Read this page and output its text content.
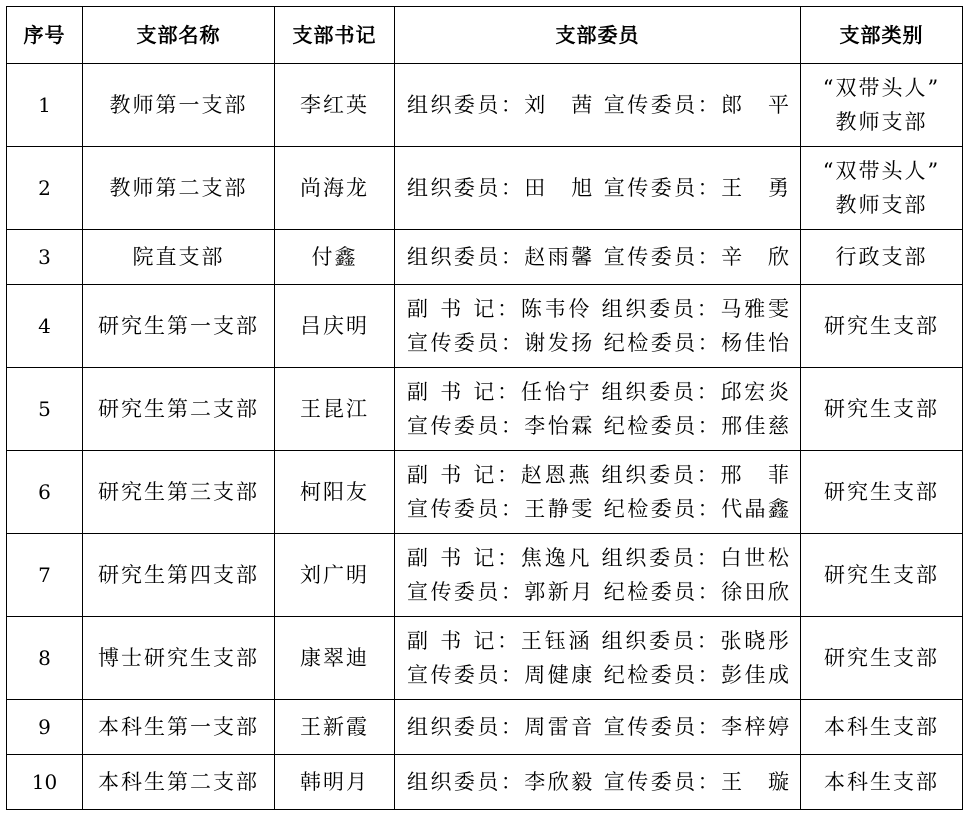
序号	支部名称	支部书记	支部委员	支部类别
1	教师第一支部	李红英	组织委员：刘　茜 宣传委员：郎　平	“双带头人”
教师支部

2	教师第二支部	尚海龙	组织委员：田　旭 宣传委员：王　勇	“双带头人”
教师支部

3	院直支部	付鑫	组织委员：赵雨馨 宣传委员：辛　欣	行政支部

4	研究生第一支部	吕庆明	副 书 记：陈韦伶 组织委员：马雅雯
宣传委员：谢发扬 纪检委员：杨佳怡	研究生支部

5	研究生第二支部	王昆江	副 书 记：任怡宁 组织委员：邱宏炎
宣传委员：李怡霖 纪检委员：邢佳慈	研究生支部

6	研究生第三支部	柯阳友	副 书 记：赵恩燕 组织委员：邢　菲
宣传委员：王静雯 纪检委员：代晶鑫	研究生支部

7	研究生第四支部	刘广明	副 书 记：焦逸凡 组织委员：白世松
宣传委员：郭新月 纪检委员：徐田欣	研究生支部

8	博士研究生支部	康翠迪	副 书 记：王钰涵 组织委员：张晓彤
宣传委员：周健康 纪检委员：彭佳成	研究生支部

9	本科生第一支部	王新霞	组织委员：周雷音 宣传委员：李梓婷	本科生支部

10	本科生第二支部	韩明月	组织委员：李欣毅 宣传委员：王　璇	本科生支部
